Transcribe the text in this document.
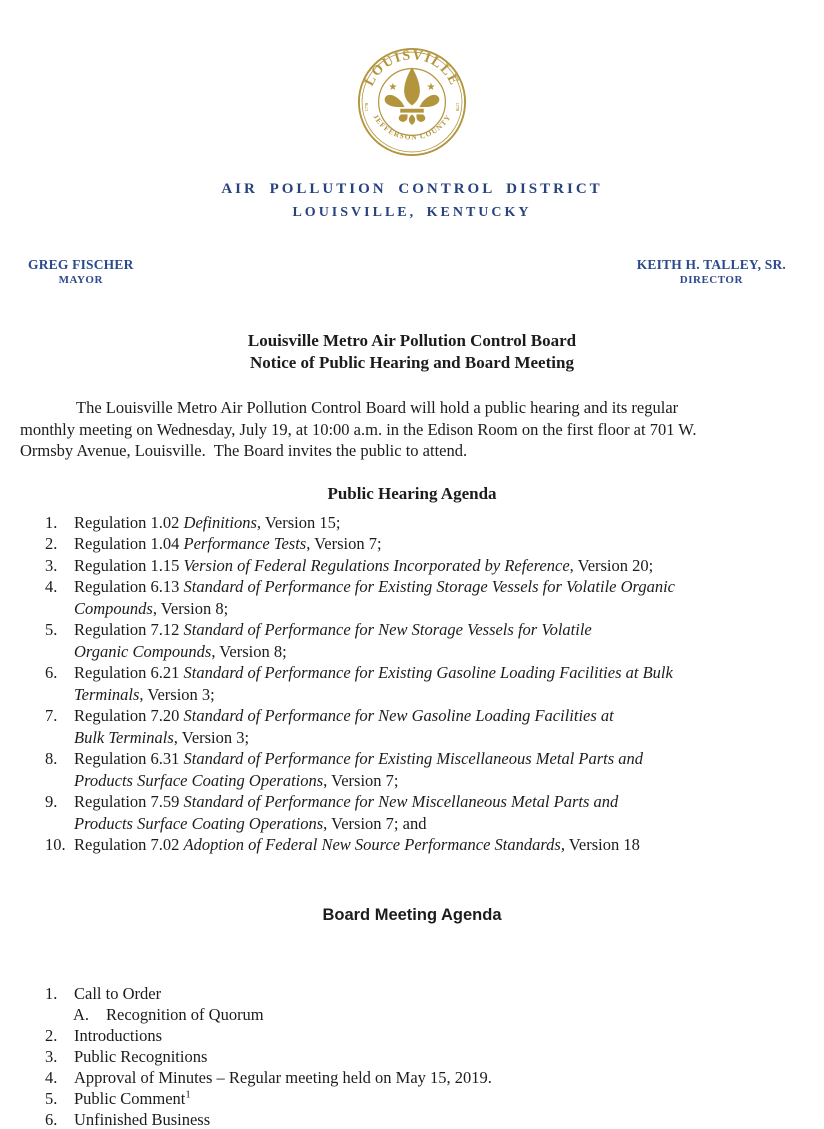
LOUISVILLE
JEFFERSON COUNTY
1778	1778
★	★
AIR POLLUTION CONTROL DISTRICT
LOUISVILLE, KENTUCKY
GREG FISCHER
MAYOR
KEITH H. TALLEY, SR.
DIRECTOR
Louisville Metro Air Pollution Control Board
Notice of Public Hearing and Board Meeting
The Louisville Metro Air Pollution Control Board will hold a public hearing and its regular
monthly meeting on Wednesday, July 19, at 10:00 a.m. in the Edison Room on the first floor at 701 W.
Ormsby Avenue, Louisville.  The Board invites the public to attend.
Public Hearing Agenda
1.	Regulation 1.02 Definitions, Version 15;
2.	Regulation 1.04 Performance Tests, Version 7;
3.	Regulation 1.15 Version of Federal Regulations Incorporated by Reference, Version 20;
4.	Regulation 6.13 Standard of Performance for Existing Storage Vessels for Volatile Organic
Compounds, Version 8;
5.	Regulation 7.12 Standard of Performance for New Storage Vessels for Volatile
Organic Compounds, Version 8;
6.	Regulation 6.21 Standard of Performance for Existing Gasoline Loading Facilities at Bulk
Terminals, Version 3;
7.	Regulation 7.20 Standard of Performance for New Gasoline Loading Facilities at
Bulk Terminals, Version 3;
8.	Regulation 6.31 Standard of Performance for Existing Miscellaneous Metal Parts and
Products Surface Coating Operations, Version 7;
9.	Regulation 7.59 Standard of Performance for New Miscellaneous Metal Parts and
Products Surface Coating Operations, Version 7; and
10. Regulation 7.02 Adoption of Federal New Source Performance Standards, Version 18
Board Meeting Agenda
1.	Call to Order
A.	Recognition of Quorum
2.	Introductions
3.	Public Recognitions
4.	Approval of Minutes – Regular meeting held on May 15, 2019.
5.	Public Comment$^1$
6.	Unfinished Business
